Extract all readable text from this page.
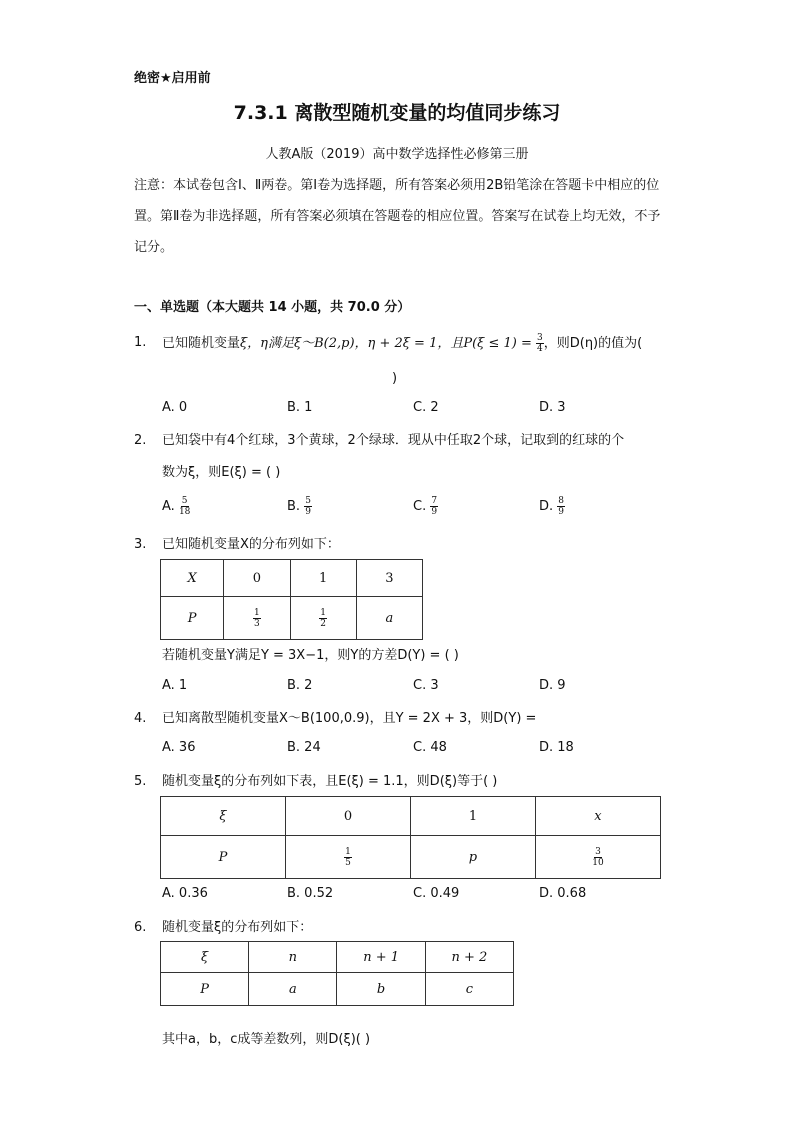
绝密★启用前
7.3.1 离散型随机变量的均值同步练习
人教A版（2019）高中数学选择性必修第三册
注意：本试卷包含Ⅰ、Ⅱ两卷。第Ⅰ卷为选择题，所有答案必须用2B铅笔涂在答题卡中相应的位置。第Ⅱ卷为非选择题，所有答案必须填在答题卷的相应位置。答案写在试卷上均无效，不予记分。
一、单选题（本大题共 14 小题，共 70.0 分）
1. 已知随机变量ξ，η满足ξ～B(2,p)，η + 2ξ = 1，且$P(\xi \le 1) = \frac{3}{4}$ ，则D(η)的值为(
)
A. 0	B. 1	C. 2	D. 3
2. 已知袋中有4个红球，3个黄球，2个绿球．现从中任取2个球，记取到的红球的个
数为ξ，则E(ξ) = ( )
A. $\frac{5}{18}$	B. $\frac{5}{9}$	C. $\frac{7}{9}$	D. $\frac{8}{9}$
3. 已知随机变量X的分布列如下：
X	0	1	3
P	$\frac{1}{3}$	$\frac{1}{2}$	a
若随机变量Y满足Y = 3X−1，则Y的方差D(Y) = ( )
A. 1	B. 2	C. 3	D. 9
4. 已知离散型随机变量X～B(100,0.9)，且Y = 2X + 3，则D(Y) =
A. 36	B. 24	C. 48	D. 18
5. 随机变量ξ的分布列如下表，且E(ξ) = 1.1，则D(ξ)等于( )
ξ	0	1	x
P	$\frac{1}{5}$	p	$\frac{3}{10}$
A. 0.36	B. 0.52	C. 0.49	D. 0.68
6. 随机变量ξ的分布列如下：
ξ	n	n + 1	n + 2
P	a	b	c
其中a，b，c成等差数列，则D(ξ)( )
